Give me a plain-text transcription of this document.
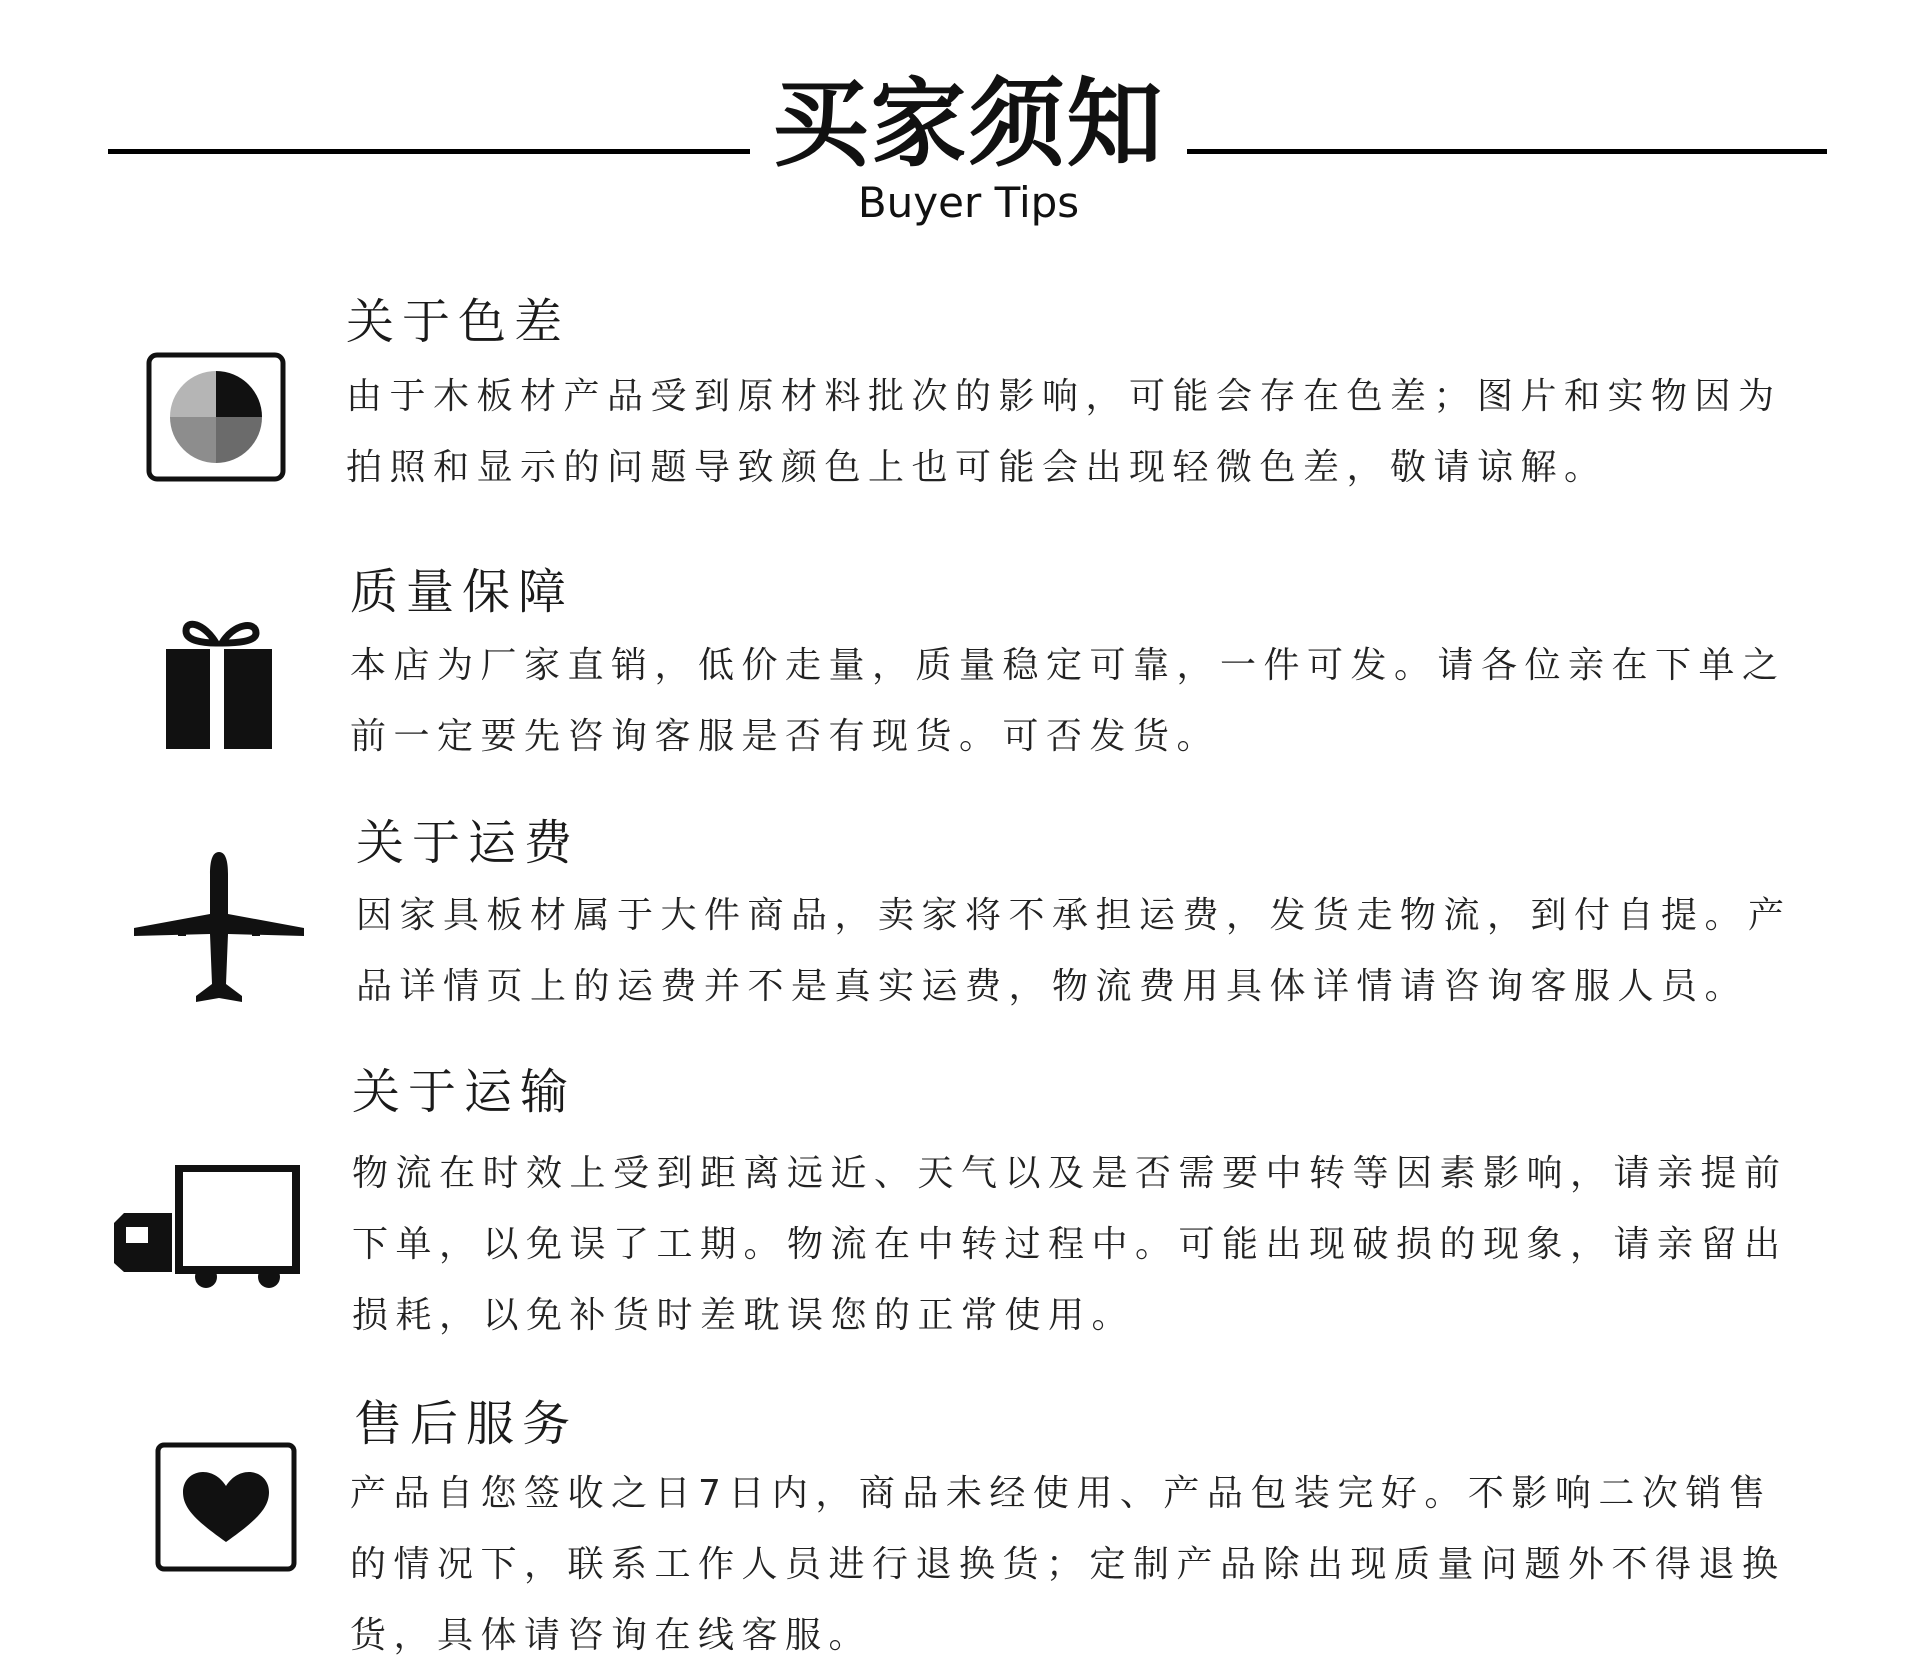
买家须知
Buyer Tips
关于色差
由于木板材产品受到原材料批次的影响，可能会存在色差；图片和实物因为拍照和显示的问题导致颜色上也可能会出现轻微色差，敬请谅解。
质量保障
本店为厂家直销，低价走量，质量稳定可靠，一件可发。请各位亲在下单之前一定要先咨询客服是否有现货。可否发货。
关于运费
因家具板材属于大件商品，卖家将不承担运费，发货走物流，到付自提。产品详情页上的运费并不是真实运费，物流费用具体详情请咨询客服人员。
关于运输
物流在时效上受到距离远近、天气以及是否需要中转等因素影响，请亲提前下单，以免误了工期。物流在中转过程中。可能出现破损的现象，请亲留出损耗，以免补货时差耽误您的正常使用。
售后服务
产品自您签收之日7日内，商品未经使用、产品包装完好。不影响二次销售的情况下，联系工作人员进行退换货；定制产品除出现质量问题外不得退换货，具体请咨询在线客服。
